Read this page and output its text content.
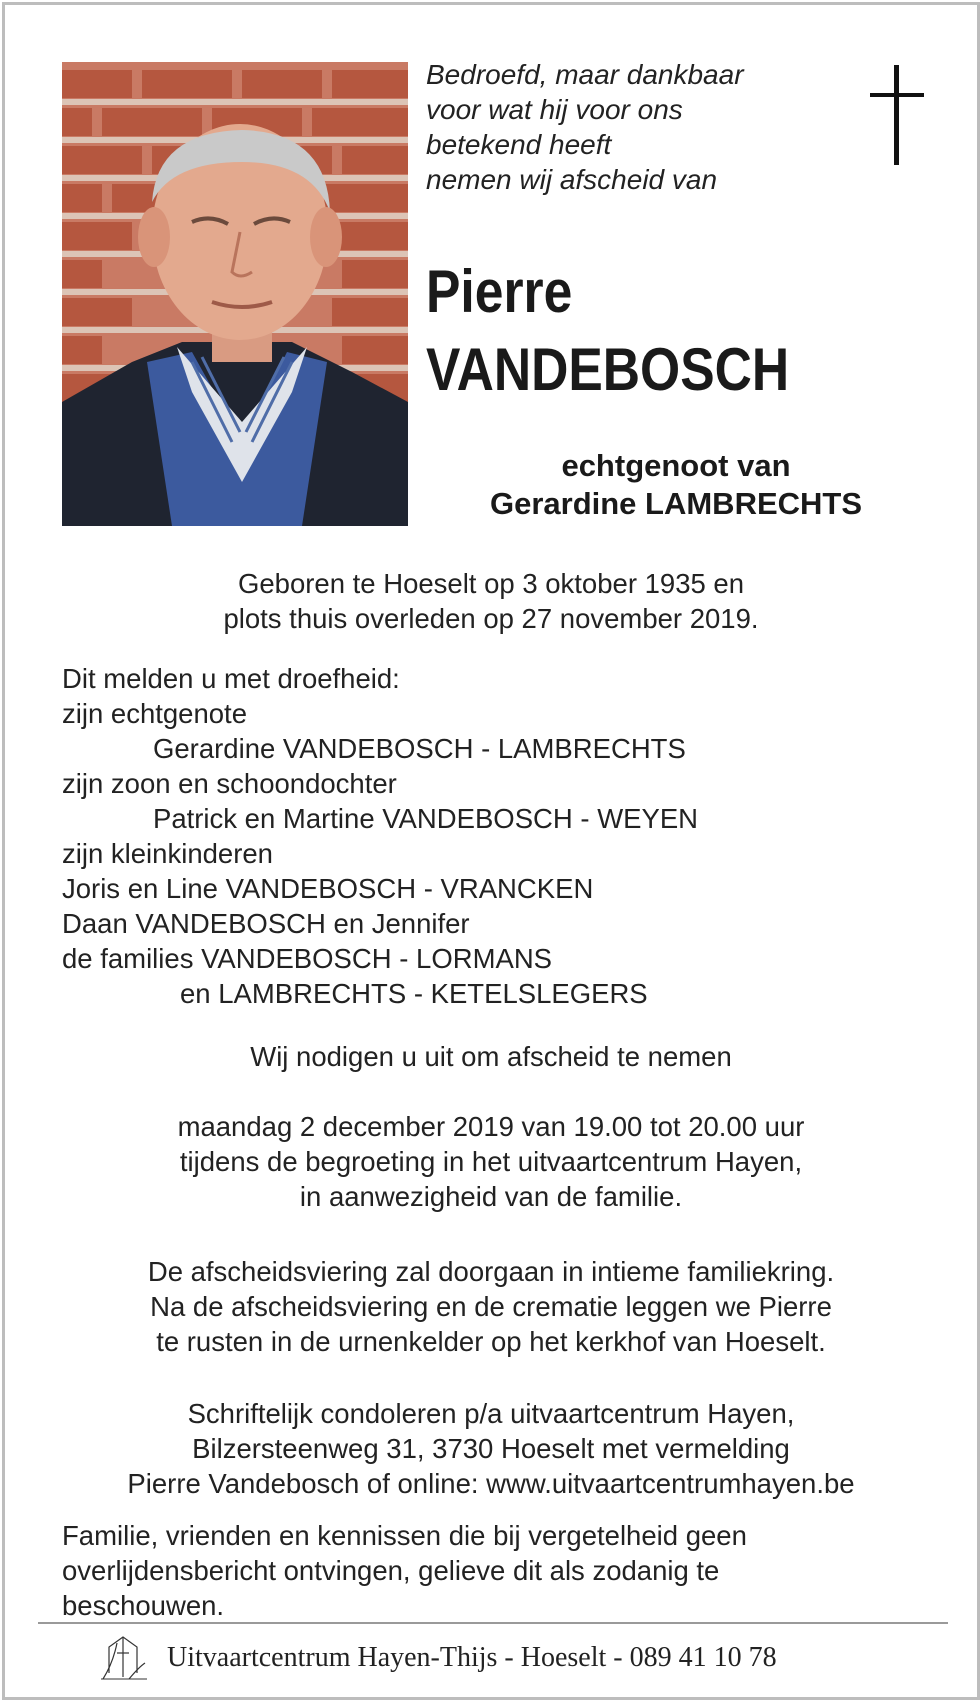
Bedroefd, maar dankbaar
voor wat hij voor ons
betekend heeft
nemen wij afscheid van
Pierre
VANDEBOSCH
echtgenoot van
Gerardine LAMBRECHTS
Geboren te Hoeselt op 3 oktober 1935 en
plots thuis overleden op 27 november 2019.
Dit melden u met droefheid:
zijn echtgenote
Gerardine VANDEBOSCH - LAMBRECHTS
zijn zoon en schoondochter
Patrick en Martine VANDEBOSCH - WEYEN
zijn kleinkinderen
Joris en Line VANDEBOSCH - VRANCKEN
Daan VANDEBOSCH en Jennifer
de families VANDEBOSCH - LORMANS
en LAMBRECHTS - KETELSLEGERS
Wij nodigen u uit om afscheid te nemen
maandag 2 december 2019 van 19.00 tot 20.00 uur
tijdens de begroeting in het uitvaartcentrum Hayen,
in aanwezigheid van de familie.
De afscheidsviering zal doorgaan in intieme familiekring.
Na de afscheidsviering en de crematie leggen we Pierre
te rusten in de urnenkelder op het kerkhof van Hoeselt.
Schriftelijk condoleren p/a uitvaartcentrum Hayen,
Bilzersteenweg 31, 3730 Hoeselt met vermelding
Pierre Vandebosch of online: www.uitvaartcentrumhayen.be
Familie, vrienden en kennissen die bij vergetelheid geen
overlijdensbericht ontvingen, gelieve dit als zodanig te
beschouwen.
Uitvaartcentrum Hayen-Thijs - Hoeselt - 089 41 10 78
